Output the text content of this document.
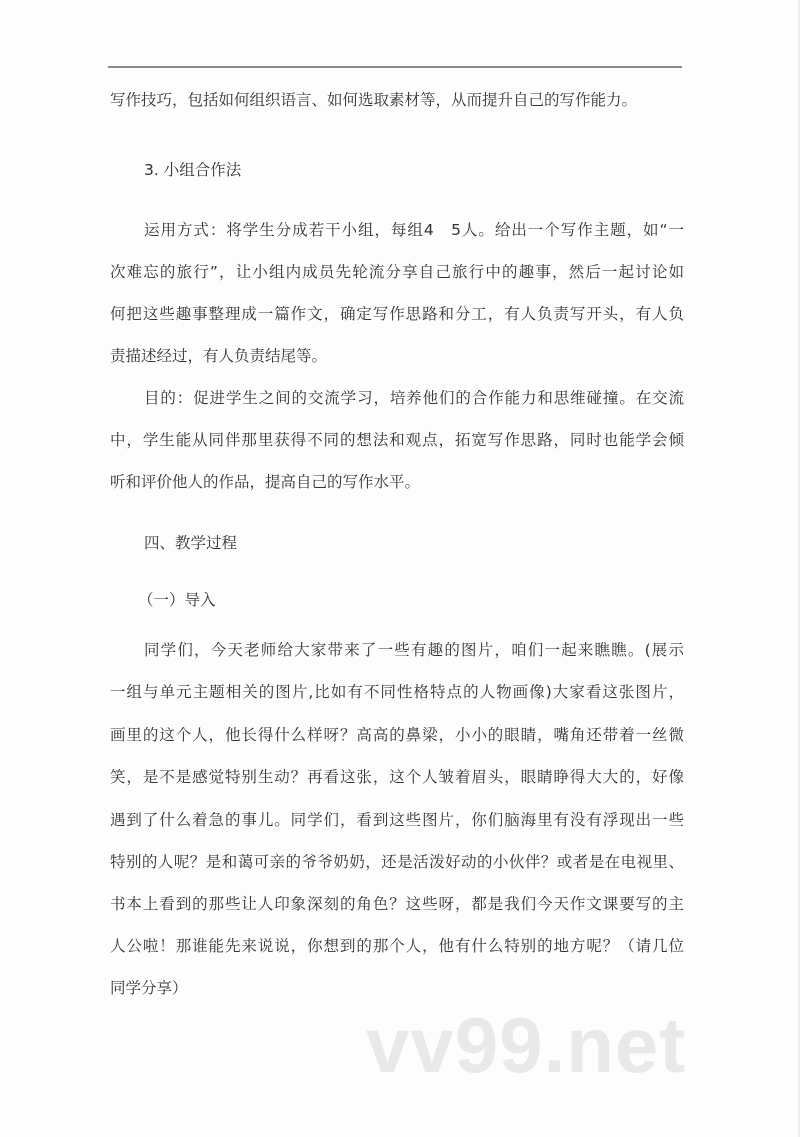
写作技巧，包括如何组织语言、如何选取素材等，从而提升自己的写作能力。
3. 小组合作法
运用方式：将学生分成若干小组，每组4　5人。给出一个写作主题，如“一
次难忘的旅行”，让小组内成员先轮流分享自己旅行中的趣事，然后一起讨论如
何把这些趣事整理成一篇作文，确定写作思路和分工，有人负责写开头，有人负
责描述经过，有人负责结尾等。
目的：促进学生之间的交流学习，培养他们的合作能力和思维碰撞。在交流
中，学生能从同伴那里获得不同的想法和观点，拓宽写作思路，同时也能学会倾
听和评价他人的作品，提高自己的写作水平。
四、教学过程
（一）导入
同学们，今天老师给大家带来了一些有趣的图片，咱们一起来瞧瞧。(展示
一组与单元主题相关的图片,比如有不同性格特点的人物画像)大家看这张图片，
画里的这个人，他长得什么样呀？高高的鼻梁，小小的眼睛，嘴角还带着一丝微
笑，是不是感觉特别生动？再看这张，这个人皱着眉头，眼睛睁得大大的，好像
遇到了什么着急的事儿。同学们，看到这些图片，你们脑海里有没有浮现出一些
特别的人呢？是和蔼可亲的爷爷奶奶，还是活泼好动的小伙伴？或者是在电视里、
书本上看到的那些让人印象深刻的角色？这些呀，都是我们今天作文课要写的主
人公啦！那谁能先来说说，你想到的那个人，他有什么特别的地方呢？（请几位
同学分享）
vv99.net
